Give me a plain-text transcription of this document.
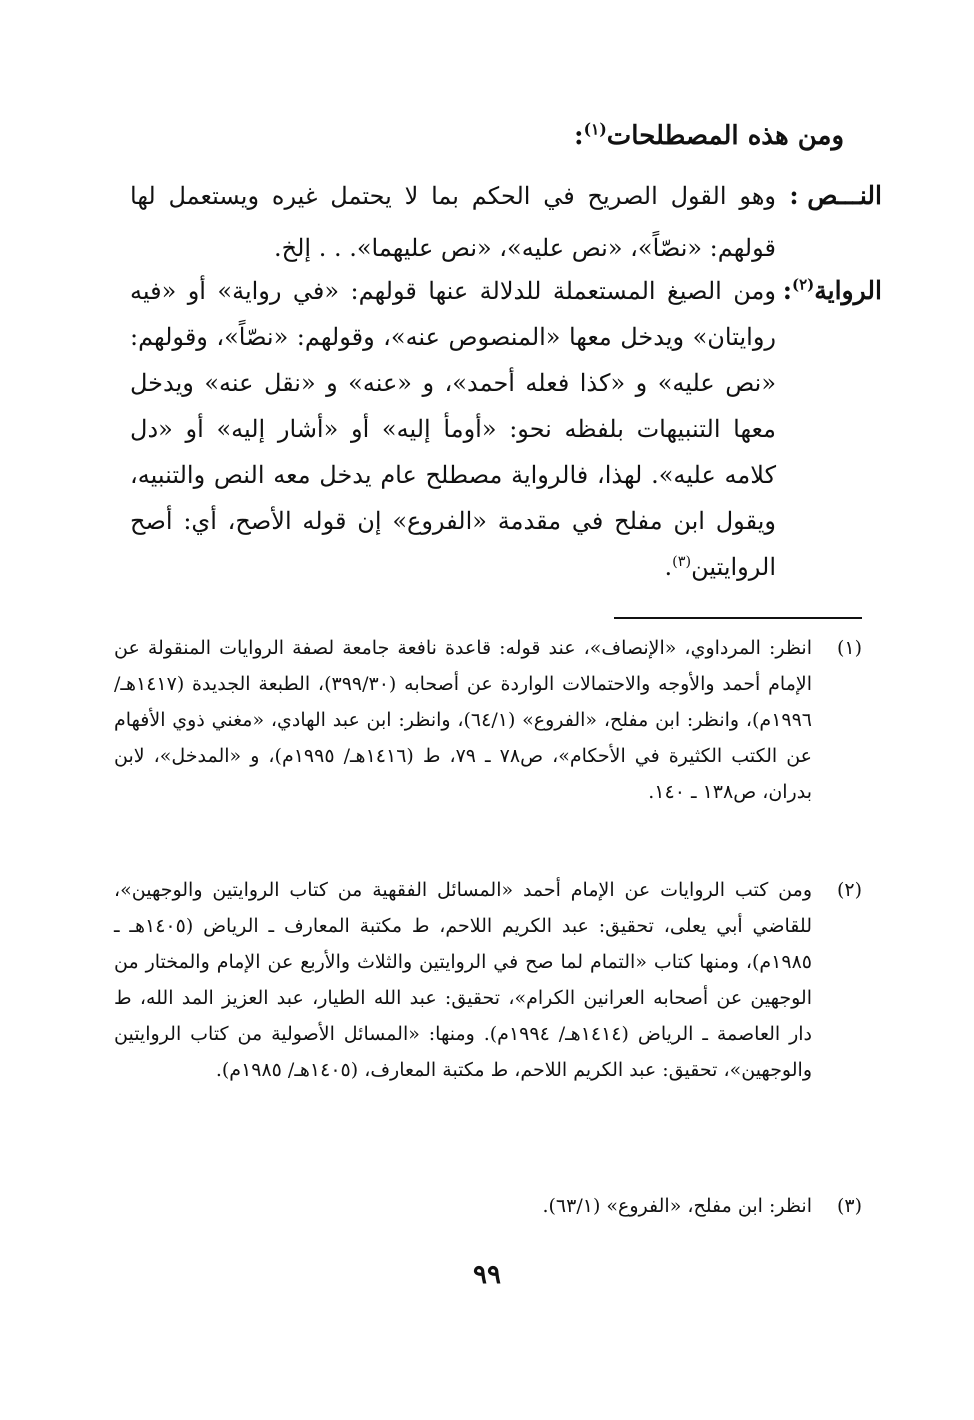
ومن هذه المصطلحات$^{(١)}$:
النـــص :
وهو القول الصريح في الحكم بما لا يحتمل غيره ويستعمل لها قولهم: «نصّاً»، «نص عليه»، «نص عليهما». . . إلخ.
الرواية$^{(٢)}$:
ومن الصيغ المستعملة للدلالة عنها قولهم: «في رواية» أو «فيه روايتان» ويدخل معها «المنصوص عنه»، وقولهم: «نصّاً»، وقولهم: «نص عليه» و «كذا فعله أحمد»، و «عنه» و «نقل عنه» ويدخل معها التنبيهات بلفظه نحو: «أومأ إليه» أو «أشار إليه» أو «دل كلامه عليه». لهذا، فالرواية مصطلح عام يدخل معه النص والتنبيه، ويقول ابن مفلح في مقدمة «الفروع» إن قوله الأصح، أي: أصح الروايتين$^{(٣)}$.
(١)
انظر: المرداوي، «الإنصاف»، عند قوله: قاعدة نافعة جامعة لصفة الروايات المنقولة عن الإمام أحمد والأوجه والاحتمالات الواردة عن أصحابه (٣٩٩/٣٠)، الطبعة الجديدة (١٤١٧هـ/١٩٩٦م)، وانظر: ابن مفلح، «الفروع» (٦٤/١)، وانظر: ابن عبد الهادي، «مغني ذوي الأفهام عن الكتب الكثيرة في الأحكام»، ص٧٨ ـ ٧٩، ط (١٤١٦هـ/ ١٩٩٥م)، و «المدخل»، لابن بدران، ص١٣٨ ـ ١٤٠.
(٢)
ومن كتب الروايات عن الإمام أحمد «المسائل الفقهية من كتاب الروايتين والوجهين»، للقاضي أبي يعلى، تحقيق: عبد الكريم اللاحم، ط مكتبة المعارف ـ الرياض (١٤٠٥هـ ـ ١٩٨٥م)، ومنها كتاب «التمام لما صح في الروايتين والثلاث والأربع عن الإمام والمختار من الوجهين عن أصحابه العرانين الكرام»، تحقيق: عبد الله الطيار، عبد العزيز المد الله، ط دار العاصمة ـ الرياض (١٤١٤هـ/ ١٩٩٤م). ومنها: «المسائل الأصولية من كتاب الروايتين والوجهين»، تحقيق: عبد الكريم اللاحم، ط مكتبة المعارف، (١٤٠٥هـ/ ١٩٨٥م).
(٣)
انظر: ابن مفلح، «الفروع» (٦٣/١).
٩٩
